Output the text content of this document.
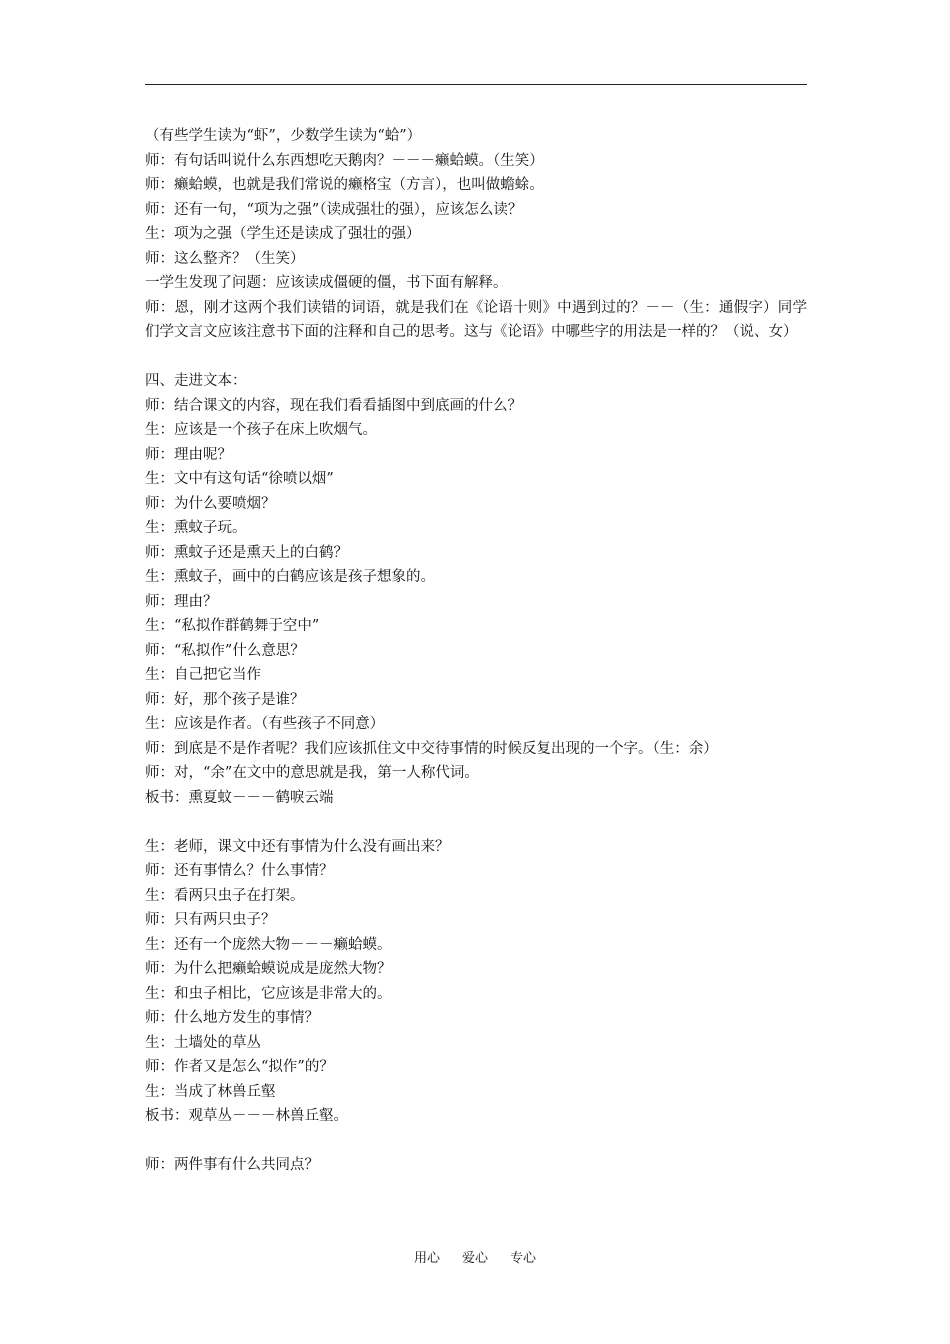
（有些学生读为“虾”，少数学生读为“蛤”）

师：有句话叫说什么东西想吃天鹅肉？－－－癞蛤蟆。（生笑）

师：癞蛤蟆，也就是我们常说的癞格宝（方言），也叫做蟾蜍。

师：还有一句，“项为之强”（读成强壮的强），应该怎么读？

生：项为之强（学生还是读成了强壮的强）

师：这么整齐？（生笑）

一学生发现了问题：应该读成僵硬的僵，书下面有解释。

师：恩，刚才这两个我们读错的词语，就是我们在《论语十则》中遇到过的？－－（生：通假字）同学们学文言文应该注意书下面的注释和自己的思考。这与《论语》中哪些字的用法是一样的？（说、女）

四、走进文本：

师：结合课文的内容，现在我们看看插图中到底画的什么？

生：应该是一个孩子在床上吹烟气。

师：理由呢？

生：文中有这句话“徐喷以烟”

师：为什么要喷烟？

生：熏蚊子玩。

师：熏蚊子还是熏天上的白鹤？

生：熏蚊子，画中的白鹤应该是孩子想象的。

师：理由？

生：“私拟作群鹤舞于空中”

师：“私拟作”什么意思？

生：自己把它当作

师：好，那个孩子是谁？

生：应该是作者。（有些孩子不同意）

师：到底是不是作者呢？我们应该抓住文中交待事情的时候反复出现的一个字。（生：余）

师：对，“余”在文中的意思就是我，第一人称代词。

板书：熏夏蚊－－－鹤唳云端

生：老师，课文中还有事情为什么没有画出来？

师：还有事情么？什么事情？

生：看两只虫子在打架。

师：只有两只虫子？

生：还有一个庞然大物－－－癞蛤蟆。

师：为什么把癞蛤蟆说成是庞然大物？

生：和虫子相比，它应该是非常大的。

师：什么地方发生的事情？

生：土墙处的草丛

师：作者又是怎么“拟作”的？

生：当成了林兽丘壑

板书：观草丛－－－林兽丘壑。

师：两件事有什么共同点？

用心 爱心 专心
